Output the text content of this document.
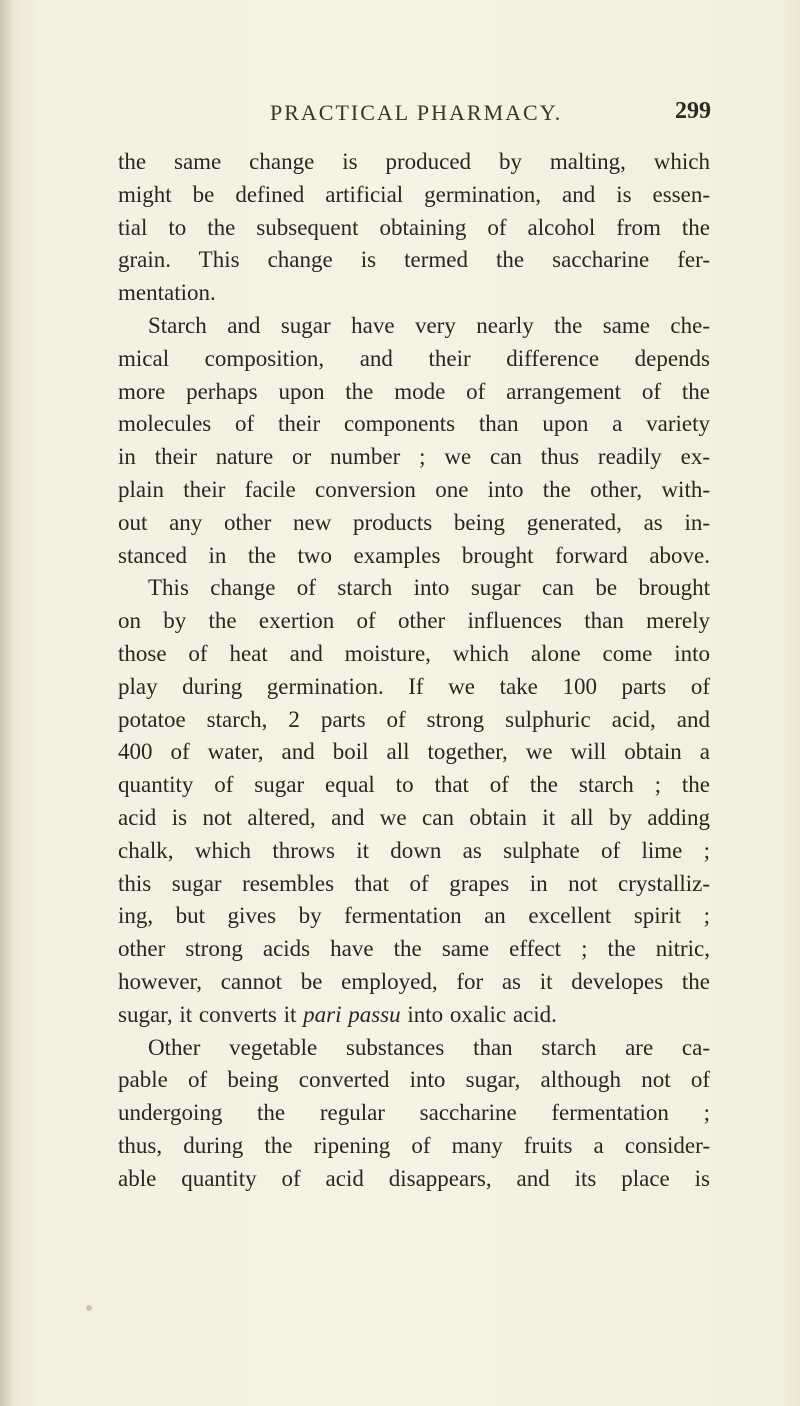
PRACTICAL PHARMACY.	299
the same change is produced by malting, which
might be defined artificial germination, and is essen-
tial to the subsequent obtaining of alcohol from the
grain. This change is termed the saccharine fer-
mentation.
Starch and sugar have very nearly the same che-
mical composition, and their difference depends
more perhaps upon the mode of arrangement of the
molecules of their components than upon a variety
in their nature or number ; we can thus readily ex-
plain their facile conversion one into the other, with-
out any other new products being generated, as in-
stanced in the two examples brought forward above.
This change of starch into sugar can be brought
on by the exertion of other influences than merely
those of heat and moisture, which alone come into
play during germination. If we take 100 parts of
potatoe starch, 2 parts of strong sulphuric acid, and
400 of water, and boil all together, we will obtain a
quantity of sugar equal to that of the starch ; the
acid is not altered, and we can obtain it all by adding
chalk, which throws it down as sulphate of lime ;
this sugar resembles that of grapes in not crystalliz-
ing, but gives by fermentation an excellent spirit ;
other strong acids have the same effect ; the nitric,
however, cannot be employed, for as it developes the
sugar, it converts it pari passu into oxalic acid.
Other vegetable substances than starch are ca-
pable of being converted into sugar, although not of
undergoing the regular saccharine fermentation ;
thus, during the ripening of many fruits a consider-
able quantity of acid disappears, and its place is
